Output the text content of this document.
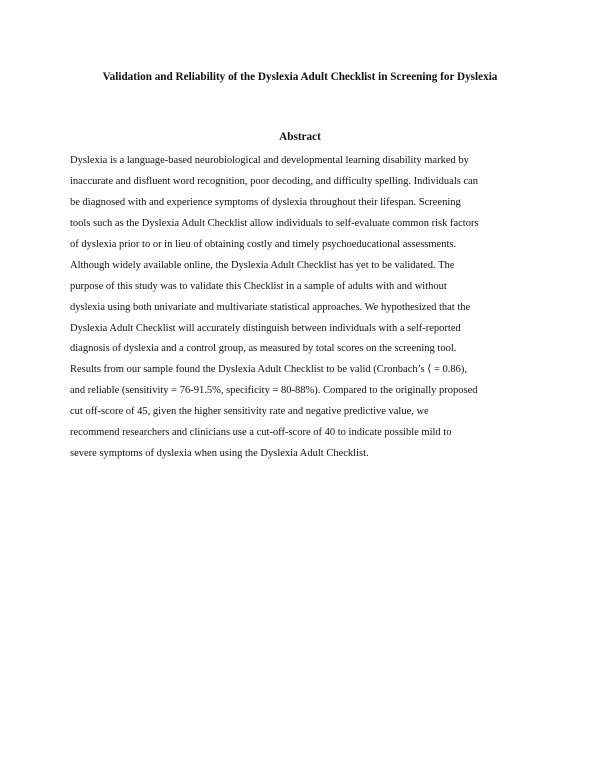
Validation and Reliability of the Dyslexia Adult Checklist in Screening for Dyslexia
Abstract
Dyslexia is a language-based neurobiological and developmental learning disability marked by
inaccurate and disfluent word recognition, poor decoding, and difficulty spelling. Individuals can
be diagnosed with and experience symptoms of dyslexia throughout their lifespan. Screening
tools such as the Dyslexia Adult Checklist allow individuals to self-evaluate common risk factors
of dyslexia prior to or in lieu of obtaining costly and timely psychoeducational assessments.
Although widely available online, the Dyslexia Adult Checklist has yet to be validated. The
purpose of this study was to validate this Checklist in a sample of adults with and without
dyslexia using both univariate and multivariate statistical approaches. We hypothesized that the
Dyslexia Adult Checklist will accurately distinguish between individuals with a self-reported
diagnosis of dyslexia and a control group, as measured by total scores on the screening tool.
Results from our sample found the Dyslexia Adult Checklist to be valid (Cronbach’s ⟨ = 0.86),
and reliable (sensitivity = 76-91.5%, specificity = 80-88%). Compared to the originally proposed
cut off-score of 45, given the higher sensitivity rate and negative predictive value, we
recommend researchers and clinicians use a cut-off-score of 40 to indicate possible mild to
severe symptoms of dyslexia when using the Dyslexia Adult Checklist.
